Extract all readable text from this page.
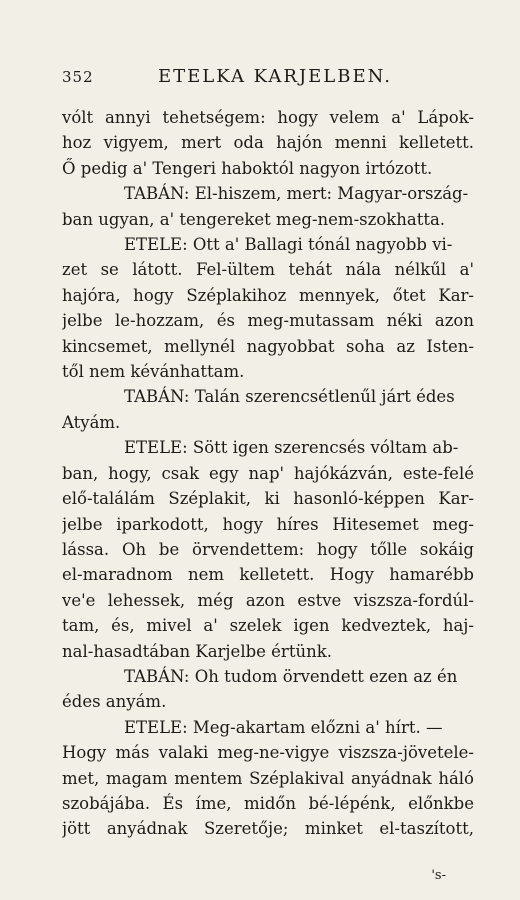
352	ETELKA KARJELBEN.
vólt annyi tehetségem: hogy velem a' Lápok-
hoz vigyem, mert oda hajón menni kelletett.
Ő pedig a' Tengeri haboktól nagyon irtózott.
TABÁN: El-hiszem, mert: Magyar-ország-
ban ugyan, a' tengereket meg-nem-szokhatta.
ETELE: Ott a' Ballagi tónál nagyobb vi-
zet se látott. Fel-ültem tehát nála nélkűl a'
hajóra, hogy Széplakihoz mennyek, őtet Kar-
jelbe le-hozzam, és meg-mutassam néki azon
kincsemet, mellynél nagyobbat soha az Isten-
től nem kévánhattam.
TABÁN: Talán szerencsétlenűl járt édes
Atyám.
ETELE: Sött igen szerencsés vóltam ab-
ban, hogy, csak egy nap' hajókázván, este-felé
elő-találám Széplakit, ki hasonló-képpen Kar-
jelbe iparkodott, hogy híres Hitesemet meg-
lássa. Oh be örvendettem: hogy tőlle sokáig
el-maradnom nem kelletett. Hogy hamarébb
ve'e lehessek, még azon estve viszsza-fordúl-
tam, és, mivel a' szelek igen kedveztek, haj-
nal-hasadtában Karjelbe értünk.
TABÁN: Oh tudom örvendett ezen az én
édes anyám.
ETELE: Meg-akartam előzni a' hírt. —
Hogy más valaki meg-ne-vigye viszsza-jövetele-
met, magam mentem Széplakival anyádnak háló
szobájába. És íme, midőn bé-lépénk, előnkbe
jött anyádnak Szeretője; minket el-taszított,
's-
